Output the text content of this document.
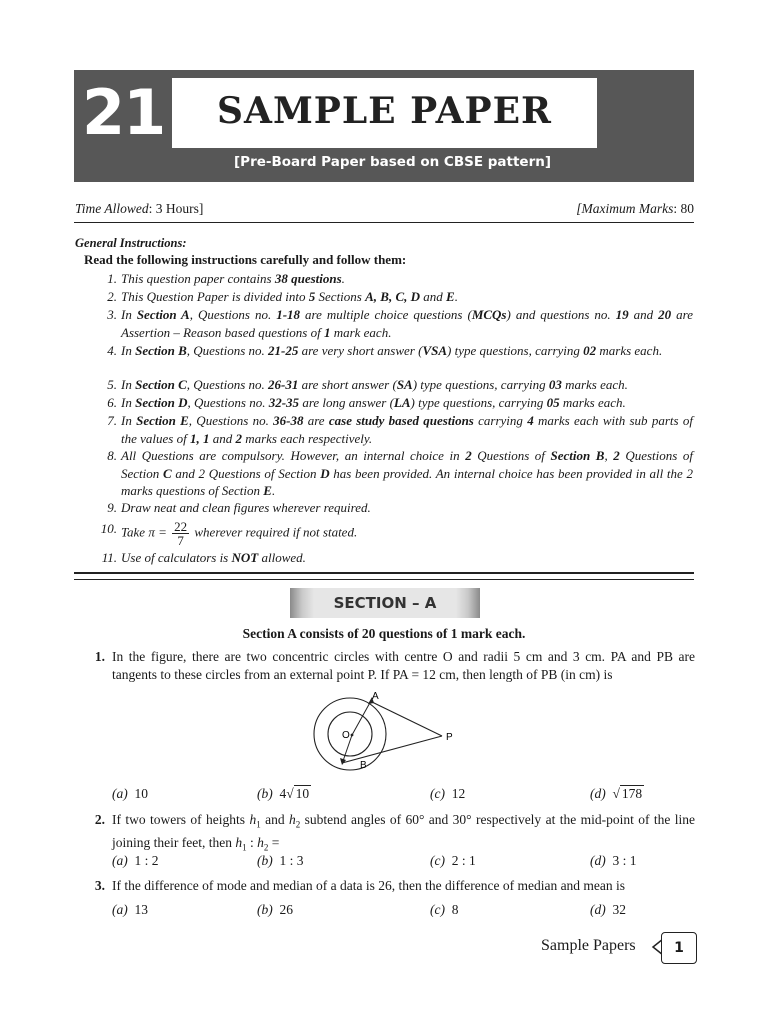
21	SAMPLE PAPER
[Pre-Board Paper based on CBSE pattern]
Time Allowed: 3 Hours]	[Maximum Marks: 80
General Instructions:
Read the following instructions carefully and follow them:
1. This question paper contains 38 questions.
2. This Question Paper is divided into 5 Sections A, B, C, D and E.
3. In Section A, Questions no. 1-18 are multiple choice questions (MCQs) and questions no. 19 and 20 are Assertion – Reason based questions of 1 mark each.
4. In Section B, Questions no. 21-25 are very short answer (VSA) type questions, carrying 02 marks each.
5. In Section C, Questions no. 26-31 are short answer (SA) type questions, carrying 03 marks each.
6. In Section D, Questions no. 32-35 are long answer (LA) type questions, carrying 05 marks each.
7. In Section E, Questions no. 36-38 are case study based questions carrying 4 marks each with sub parts of the values of 1, 1 and 2 marks each respectively.
8. All Questions are compulsory. However, an internal choice in 2 Questions of Section B, 2 Questions of Section C and 2 Questions of Section D has been provided. An internal choice has been provided in all the 2 marks questions of Section E.
9. Draw neat and clean figures wherever required.
10. Take $\pi = \frac{22}{7}$ wherever required if not stated.
11. Use of calculators is NOT allowed.
SECTION – A
Section A consists of 20 questions of 1 mark each.
1. In the figure, there are two concentric circles with centre O and radii 5 cm and 3 cm. PA and PB are tangents to these circles from an external point P. If PA = 12 cm, then length of PB (in cm) is
A
O	P
B
(a) 10	(b) 4√ 10	(c) 12	(d)  √ 178
2. If two towers of heights $h_1$ and $h_2$ subtend angles of 60° and 30° respectively at the mid-point of the line joining their feet, then $h_1$ : $h_2$ =
(a) 1 : 2	(b) 1 : 3	(c) 2 : 1	(d) 3 : 1
3. If the difference of mode and median of a data is 26, then the difference of median and mean is
(a) 13	(b) 26	(c) 8	(d) 32
Sample Papers	1
